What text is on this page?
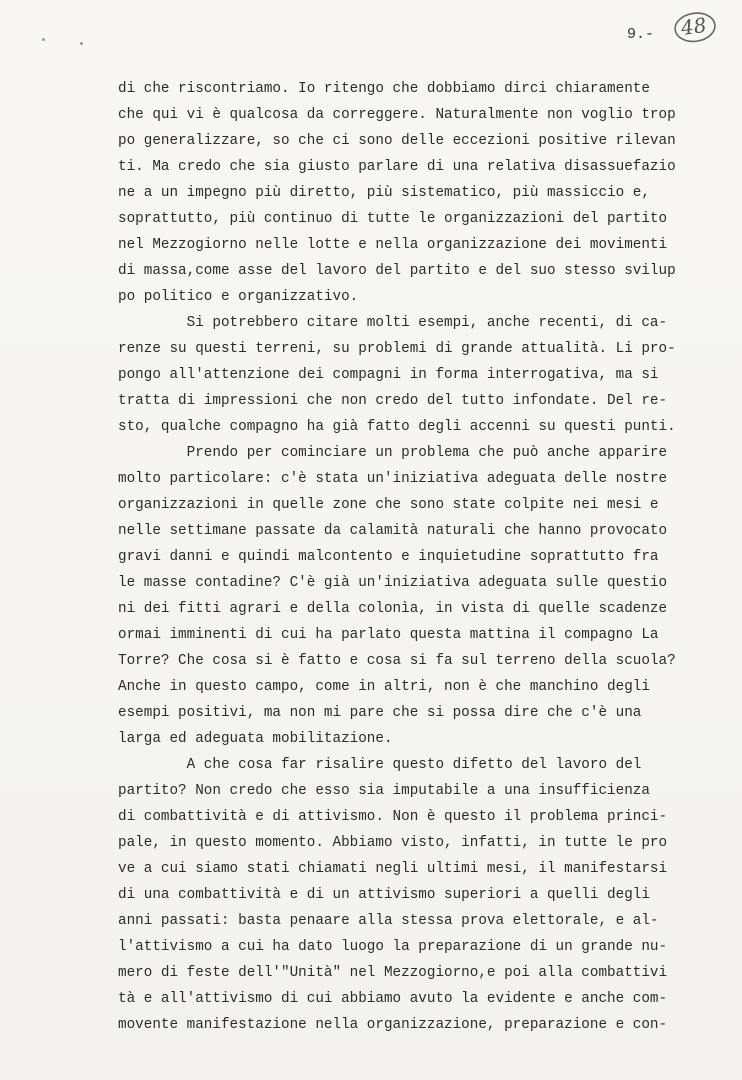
9.-	48
di che riscontriamo. Io ritengo che dobbiamo dirci chiaramente
che qui vi è qualcosa da correggere. Naturalmente non voglio trop
po generalizzare, so che ci sono delle eccezioni positive rilevan
ti. Ma credo che sia giusto parlare di una relativa disassuefazio
ne a un impegno più diretto, più sistematico, più massiccio e,
soprattutto, più continuo di tutte le organizzazioni del partito
nel Mezzogiorno nelle lotte e nella organizzazione dei movimenti
di massa,come asse del lavoro del partito e del suo stesso svilup
po politico e organizzativo.
Si potrebbero citare molti esempi, anche recenti, di ca-
renze su questi terreni, su problemi di grande attualità. Li pro-
pongo all'attenzione dei compagni in forma interrogativa, ma si
tratta di impressioni che non credo del tutto infondate. Del re-
sto, qualche compagno ha già fatto degli accenni su questi punti.
Prendo per cominciare un problema che può anche apparire
molto particolare: c'è stata un'iniziativa adeguata delle nostre
organizzazioni in quelle zone che sono state colpite nei mesi e
nelle settimane passate da calamità naturali che hanno provocato
gravi danni e quindi malcontento e inquietudine soprattutto fra
le masse contadine? C'è già un'iniziativa adeguata sulle questio
ni dei fitti agrari e della colonìa, in vista di quelle scadenze
ormai imminenti di cui ha parlato questa mattina il compagno La
Torre? Che cosa si è fatto e cosa si fa sul terreno della scuola?
Anche in questo campo, come in altri, non è che manchino degli
esempi positivi, ma non mi pare che si possa dire che c'è una
larga ed adeguata mobilitazione.
A che cosa far risalire questo difetto del lavoro del
partito? Non credo che esso sia imputabile a una insufficienza
di combattività e di attivismo. Non è questo il problema princi-
pale, in questo momento. Abbiamo visto, infatti, in tutte le pro
ve a cui siamo stati chiamati negli ultimi mesi, il manifestarsi
di una combattività e di un attivismo superiori a quelli degli
anni passati: basta penaare alla stessa prova elettorale, e al-
l'attivismo a cui ha dato luogo la preparazione di un grande nu-
mero di feste dell'"Unità" nel Mezzogiorno,e poi alla combattivi
tà e all'attivismo di cui abbiamo avuto la evidente e anche com-
movente manifestazione nella organizzazione, preparazione e con-
